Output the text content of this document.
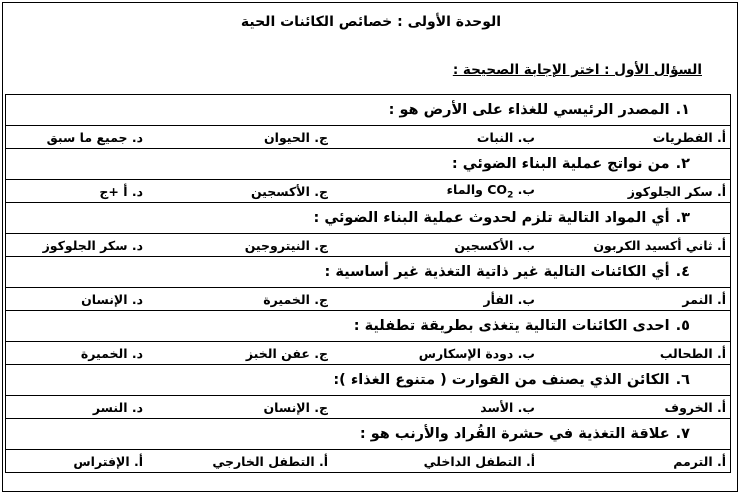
الوحدة الأولى : خصائص الكائنات الحية
السؤال الأول : اختر الإجابة الصحيحة :
١.المصدر الرئيسي للغذاء على الأرض هو :

أ. الفطريات
ب. النبات
ج. الحيوان
د. جميع ما سبق

٢.من نواتج عملية البناء الضوئي :

أ. سكر الجلوكوز
ب. $CO_2$ والماء
ج. الأكسجين
د. أ +ج

٣.أي المواد التالية تلزم لحدوث عملية البناء الضوئي :

أ. ثاني أكسيد الكربون
ب. الأكسجين
ج. النيتروجين
د. سكر الجلوكوز

٤.أي الكائنات التالية غير ذاتية التغذية غير أساسية :

أ. النمر
ب. الفأر
ج. الخميرة
د. الإنسان

٥.احدى الكائنات التالية يتغذى بطريقة تطفلية :

أ. الطحالب
ب. دودة الإسكارس
ج. عفن الخبز
د. الخميرة

٦.الكائن الذي يصنف من القوارت ( متنوع الغذاء ):

أ. الخروف
ب. الأسد
ج. الإنسان
د. النسر

٧.علاقة التغذية في حشرة القُراد والأرنب هو :

أ. الترمم
أ. التطفل الداخلي
أ. التطفل الخارجي
أ. الإفتراس
